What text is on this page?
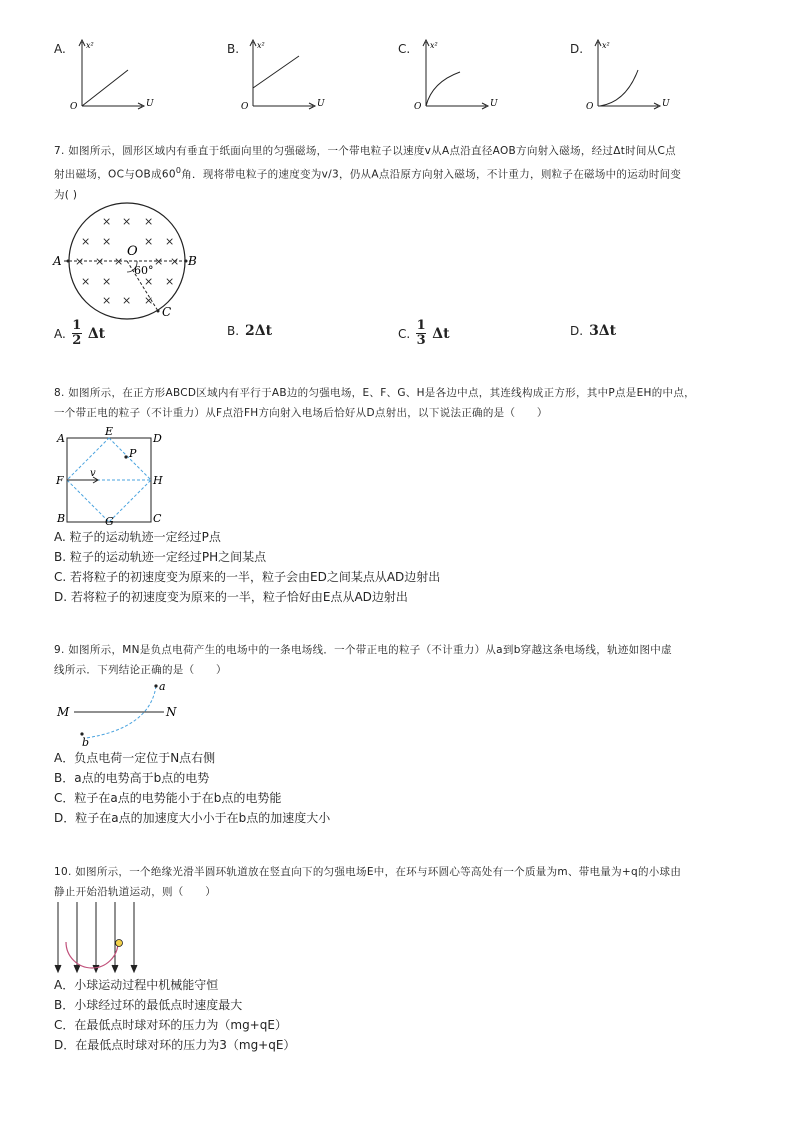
A.	x²
U
O
B. x²
U
O
C. x²
U
O
D. x²
U
O
7. 如图所示，圆形区域内有垂直于纸面向里的匀强磁场，一个带电粒子以速度v从A点沿直径AOB方向射入磁场，经过Δt时间从C点
射出磁场，OC与OB成$60^0$角．现将带电粒子的速度变为v/3，仍从A点沿原方向射入磁场，不计重力，则粒子在磁场中的运动时间变
为( )
× × ×
× ×	× ×
× × ×	× ×
× ×	× ×
× × ×
A	B
O
C
60°
A. $\frac{1}{2}$ Δt	B. 2Δt	C. $\frac{1}{3}$ Δt	D. 3Δt
8. 如图所示，在正方形ABCD区域内有平行于AB边的匀强电场，E、F、G、H是各边中点，其连线构成正方形，其中P点是EH的中点，
一个带正电的粒子（不计重力）从F点沿FH方向射入电场后恰好从D点射出，以下说法正确的是（　　）
A	D
E
F	H
B	C
G
P
v
A. 粒子的运动轨迹一定经过P点
B. 粒子的运动轨迹一定经过PH之间某点
C. 若将粒子的初速度变为原来的一半，粒子会由ED之间某点从AD边射出
D. 若将粒子的初速度变为原来的一半，粒子恰好由E点从AD边射出
9. 如图所示，MN是负点电荷产生的电场中的一条电场线．一个带正电的粒子（不计重力）从a到b穿越这条电场线，轨迹如图中虚
线所示．下列结论正确的是（　　）
M	N
a
b
A．负点电荷一定位于N点右侧
B．a点的电势高于b点的电势
C．粒子在a点的电势能小于在b点的电势能
D．粒子在a点的加速度大小小于在b点的加速度大小
10. 如图所示，一个绝缘光滑半圆环轨道放在竖直向下的匀强电场E中，在环与环圆心等高处有一个质量为m、带电量为+q的小球由
静止开始沿轨道运动，则（　　）
A．小球运动过程中机械能守恒
B．小球经过环的最低点时速度最大
C．在最低点时球对环的压力为（mg+qE）
D．在最低点时球对环的压力为3（mg+qE）
